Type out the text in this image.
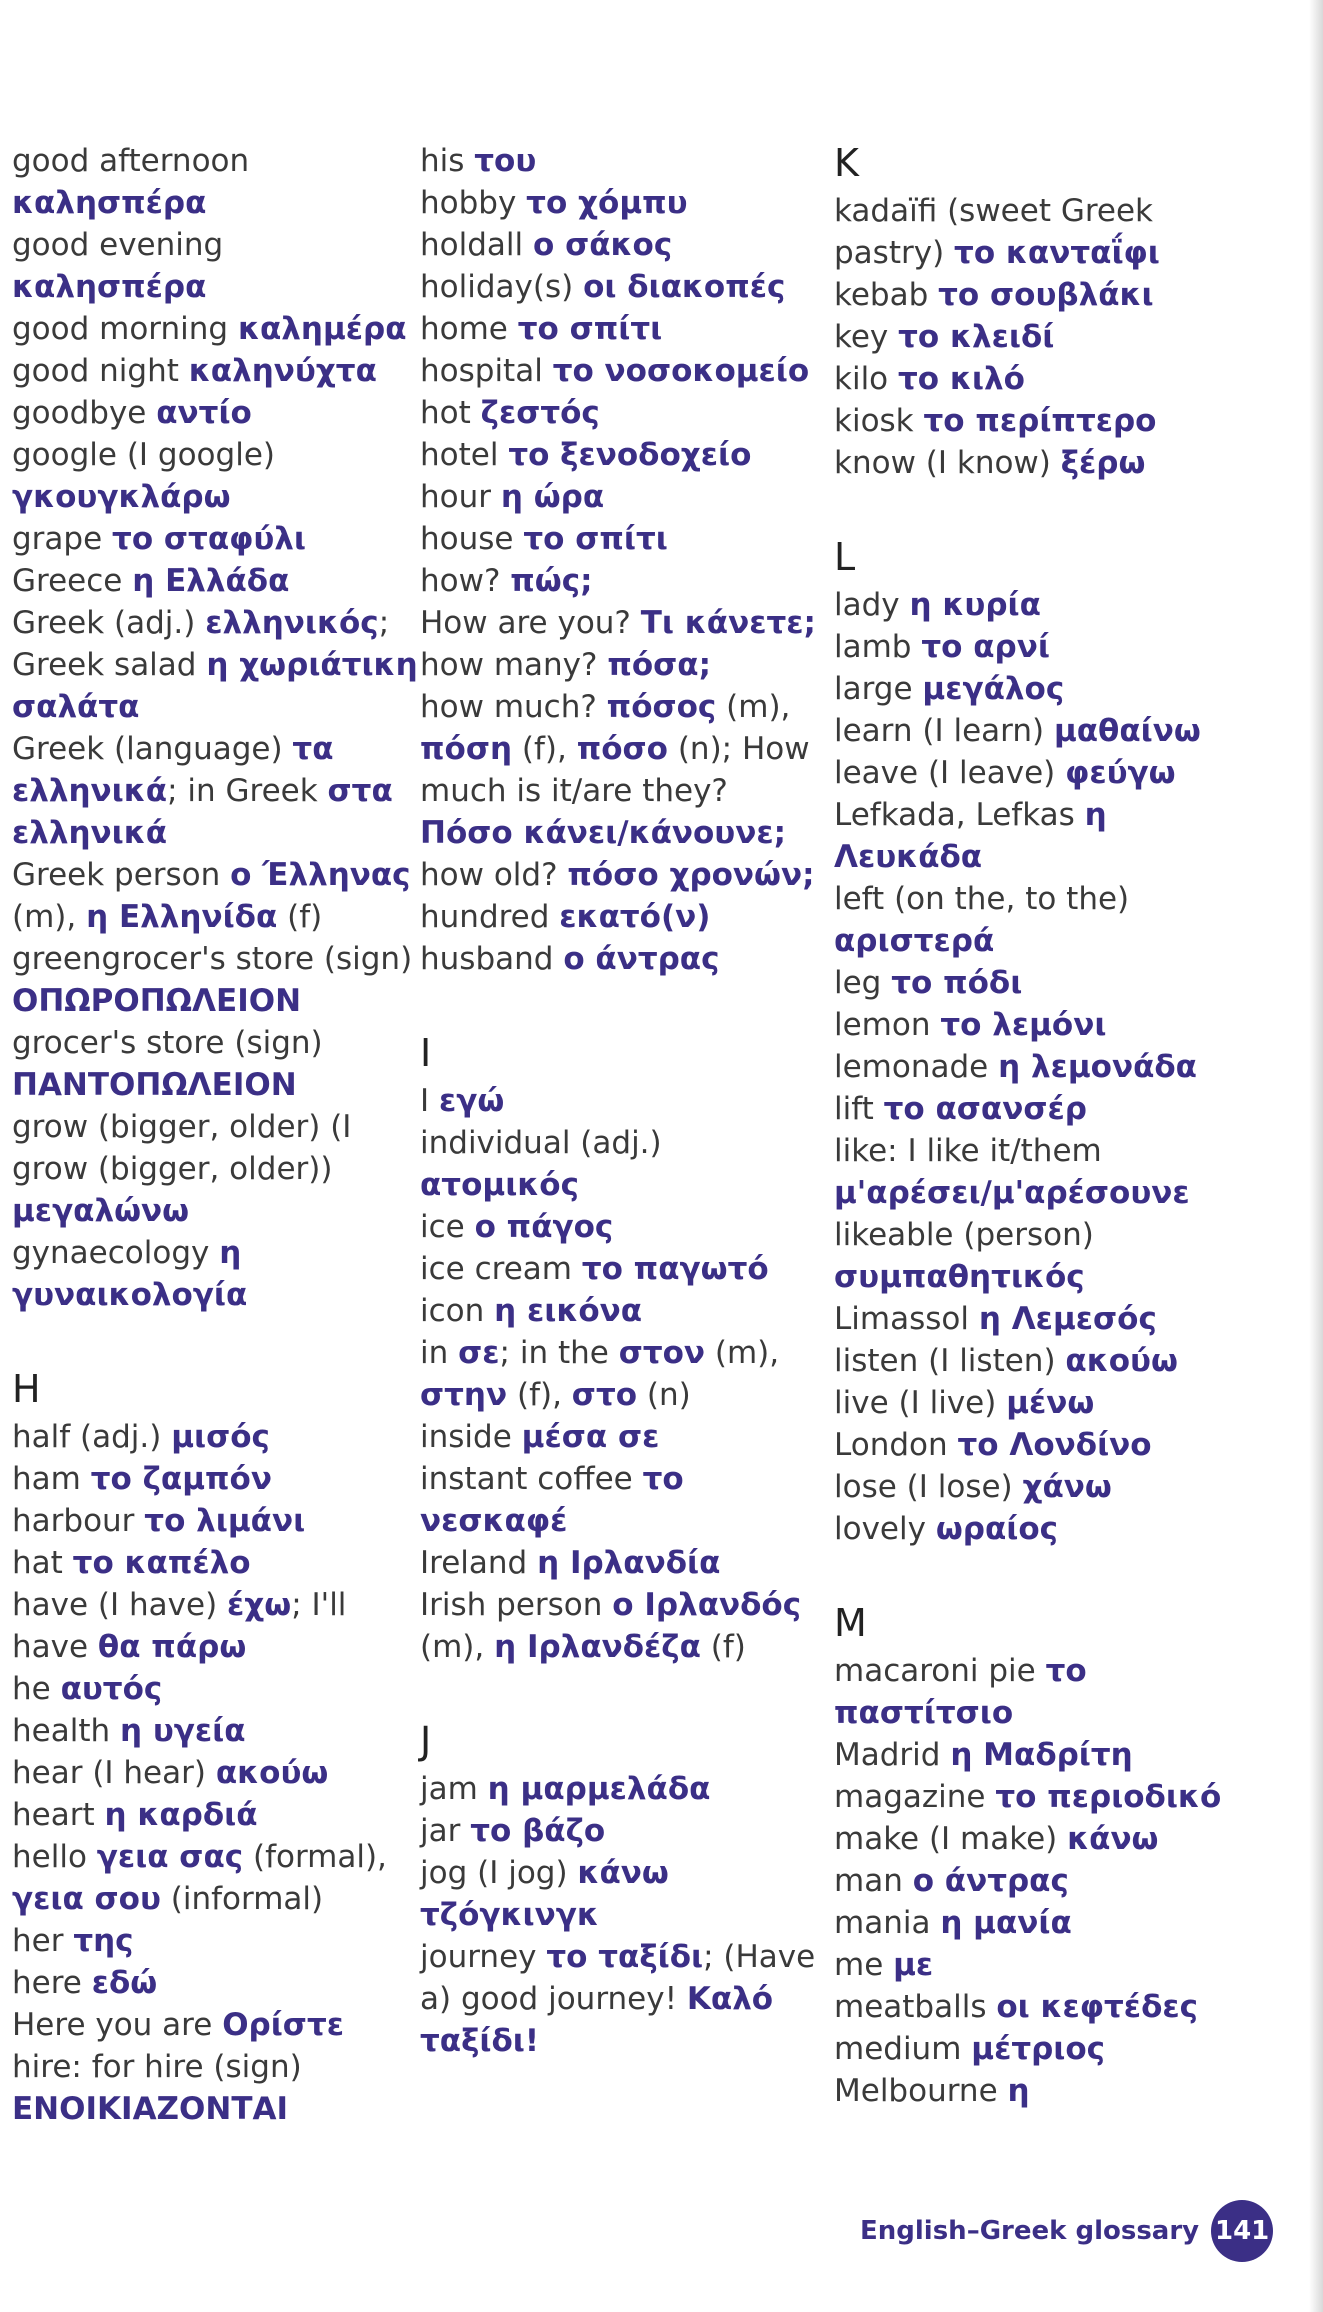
good afternoon

καλησπέρα

good evening

καλησπέρα

good morning καλημέρα

good night καληνύχτα

goodbye αντίο

google (I google)

γκουγκλάρω

grape το σταφύλι

Greece η Ελλάδα

Greek (adj.) ελληνικός;

Greek salad η χωριάτικη

σαλάτα

Greek (language) τα

ελληνικά; in Greek στα

ελληνικά

Greek person ο Έλληνας

(m), η Ελληνίδα (f)

greengrocer's store (sign)

ΟΠΩΡΟΠΩΛΕΙΟΝ

grocer's store (sign)

ΠΑΝΤΟΠΩΛΕΙΟΝ

grow (bigger, older) (I

grow (bigger, older))

μεγαλώνω

gynaecology η

γυναικολογία

H

half (adj.) μισός

ham το ζαμπόν

harbour το λιμάνι

hat το καπέλο

have (I have) έχω; I'll

have θα πάρω

he αυτός

health η υγεία

hear (I hear) ακούω

heart η καρδιά

hello γεια σας (formal),

γεια σου (informal)

her της

here εδώ

Here you are Ορίστε

hire: for hire (sign)

ΕΝΟΙΚΙΑΖΟΝΤΑΙ

his του

hobby το χόμπυ

holdall ο σάκος

holiday(s) οι διακοπές

home το σπίτι

hospital το νοσοκομείο

hot ζεστός

hotel το ξενοδοχείο

hour η ώρα

house το σπίτι

how? πώς;

How are you? Τι κάνετε;

how many? πόσα;

how much? πόσος (m),

πόση (f), πόσο (n); How

much is it/are they?

Πόσο κάνει/κάνουνε;

how old? πόσο χρονών;

hundred εκατό(ν)

husband ο άντρας

I

I εγώ

individual (adj.)

ατομικός

ice ο πάγος

ice cream το παγωτό

icon η εικόνα

in σε; in the στον (m),

στην (f), στο (n)

inside μέσα σε

instant coffee το

νεσκαφέ

Ireland η Ιρλανδία

Irish person ο Ιρλανδός

(m), η Ιρλανδέζα (f)

J

jam η μαρμελάδα

jar το βάζο

jog (I jog) κάνω

τζόγκινγκ

journey το ταξίδι; (Have

a) good journey! Καλό

ταξίδι!

K

kadaïfi (sweet Greek

pastry) το κανταΐφι

kebab το σουβλάκι

key το κλειδί

kilo το κιλό

kiosk το περίπτερο

know (I know) ξέρω

L

lady η κυρία

lamb το αρνί

large μεγάλος

learn (I learn) μαθαίνω

leave (I leave) φεύγω

Lefkada, Lefkas η

Λευκάδα

left (on the, to the)

αριστερά

leg το πόδι

lemon το λεμόνι

lemonade η λεμονάδα

lift το ασανσέρ

like: I like it/them

μ'αρέσει/μ'αρέσουνε

likeable (person)

συμπαθητικός

Limassol η Λεμεσός

listen (I listen) ακούω

live (I live) μένω

London το Λονδίνο

lose (I lose) χάνω

lovely ωραίος

M

macaroni pie το

παστίτσιο

Madrid η Μαδρίτη

magazine το περιοδικό

make (I make) κάνω

man ο άντρας

mania η μανία

me με

meatballs οι κεφτέδες

medium μέτριος

Melbourne η

English–Greek glossary 141
